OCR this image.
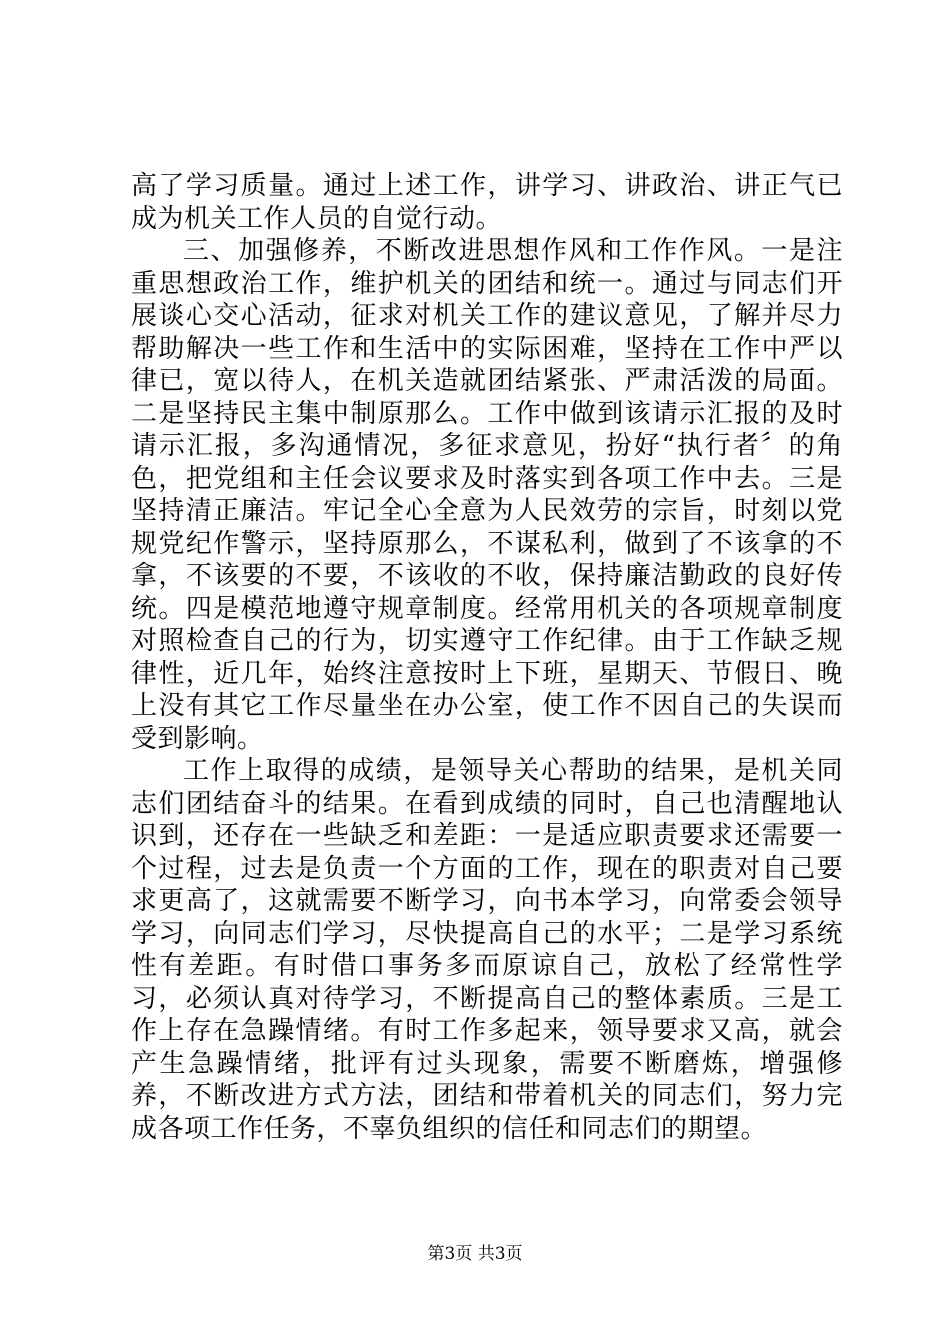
高了学习质量。通过上述工作，讲学习、讲政治、讲正气已成为机关工作人员的自觉行动。

三、加强修养，不断改进思想作风和工作作风。一是注重思想政治工作，维护机关的团结和统一。通过与同志们开展谈心交心活动，征求对机关工作的建议意见，了解并尽力帮助解决一些工作和生活中的实际困难，坚持在工作中严以律已，宽以待人，在机关造就团结紧张、严肃活泼的局面。二是坚持民主集中制原那么。工作中做到该请示汇报的及时请示汇报，多沟通情况，多征求意见，扮好“执行者〞的角色，把党组和主任会议要求及时落实到各项工作中去。三是坚持清正廉洁。牢记全心全意为人民效劳的宗旨，时刻以党规党纪作警示，坚持原那么，不谋私利，做到了不该拿的不拿，不该要的不要，不该收的不收，保持廉洁勤政的良好传统。四是模范地遵守规章制度。经常用机关的各项规章制度对照检查自己的行为，切实遵守工作纪律。由于工作缺乏规律性，近几年，始终注意按时上下班，星期天、节假日、晚上没有其它工作尽量坐在办公室，使工作不因自己的失误而受到影响。

工作上取得的成绩，是领导关心帮助的结果，是机关同志们团结奋斗的结果。在看到成绩的同时，自己也清醒地认识到，还存在一些缺乏和差距：一是适应职责要求还需要一个过程，过去是负责一个方面的工作，现在的职责对自己要求更高了，这就需要不断学习，向书本学习，向常委会领导学习，向同志们学习，尽快提高自己的水平；二是学习系统性有差距。有时借口事务多而原谅自己，放松了经常性学习，必须认真对待学习，不断提高自己的整体素质。三是工作上存在急躁情绪。有时工作多起来，领导要求又高，就会产生急躁情绪，批评有过头现象，需要不断磨炼，增强修养，不断改进方式方法，团结和带着机关的同志们，努力完成各项工作任务，不辜负组织的信任和同志们的期望。

第3页 共3页
